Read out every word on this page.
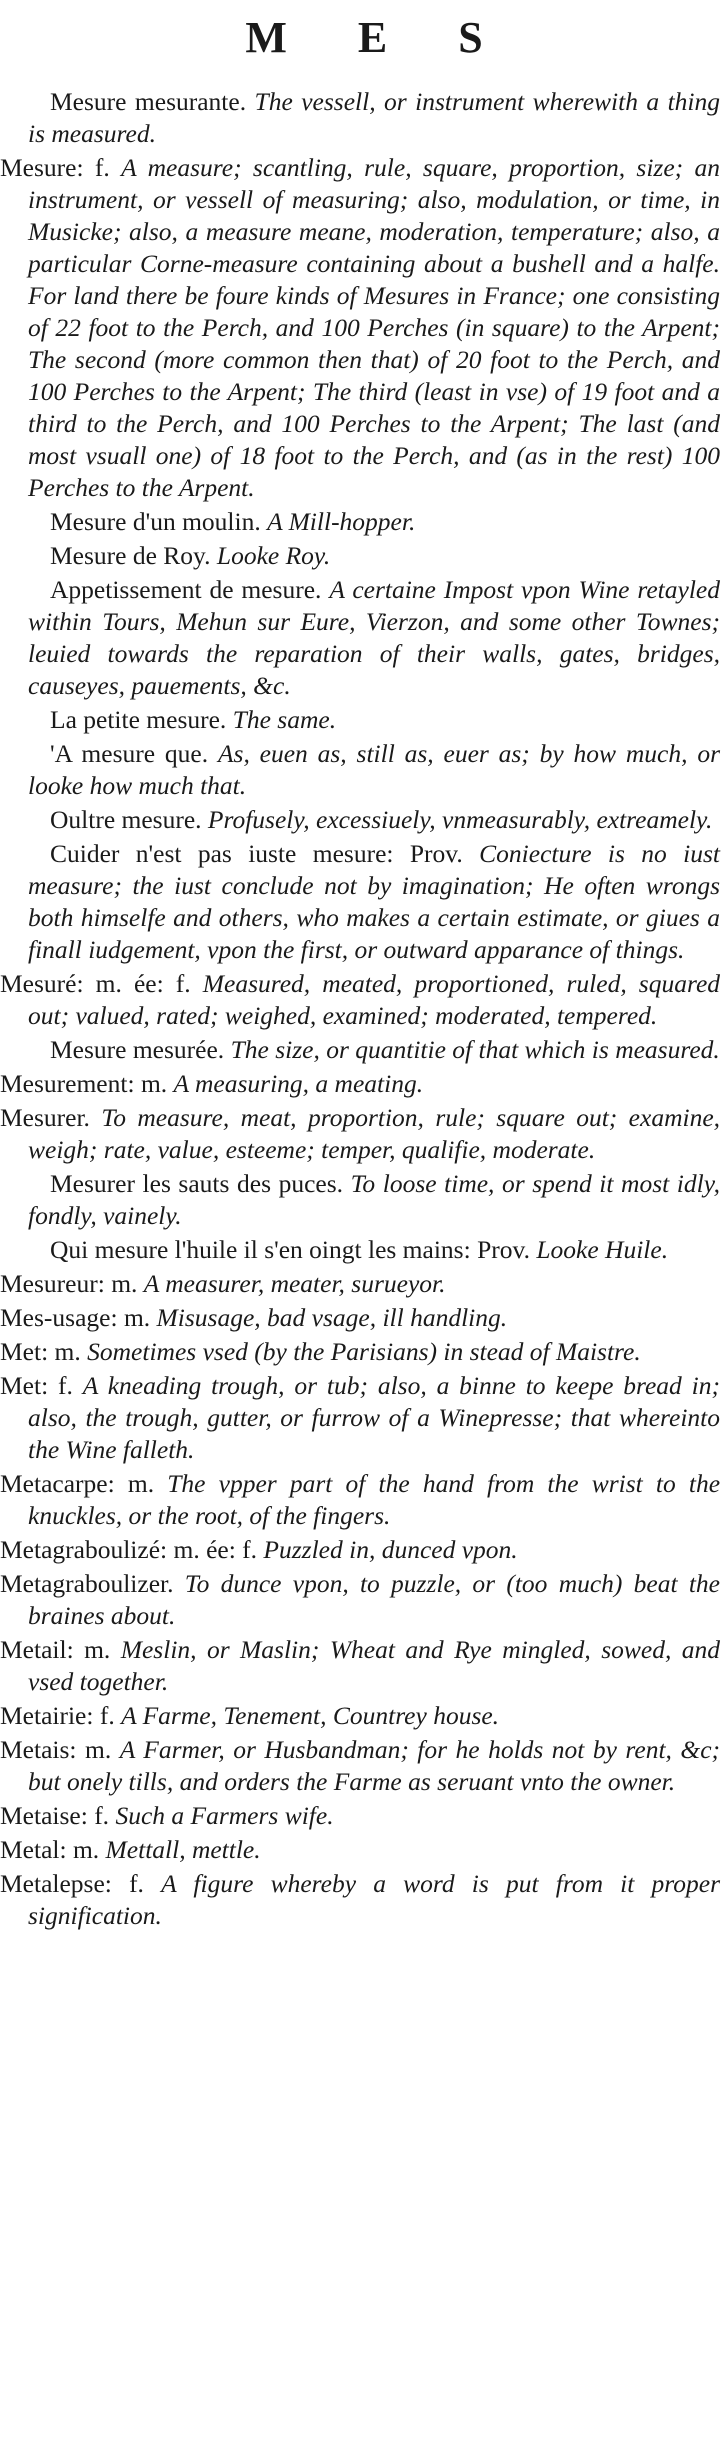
M E S

Mesure mesurante. The vessell, or instrument wherewith a thing is measured.

Mesure: f. A measure; scantling, rule, square, proportion, size; an instrument, or vessell of measuring; also, modulation, or time, in Musicke; also, a measure meane, moderation, temperature; also, a particular Corne-measure containing about a bushell and a halfe. For land there be foure kinds of Mesures in France; one consisting of 22 foot to the Perch, and 100 Perches (in square) to the Arpent; The second (more common then that) of 20 foot to the Perch, and 100 Perches to the Arpent; The third (least in vse) of 19 foot and a third to the Perch, and 100 Perches to the Arpent; The last (and most vsuall one) of 18 foot to the Perch, and (as in the rest) 100 Perches to the Arpent.

Mesure d'un moulin. A Mill-hopper.

Mesure de Roy. Looke Roy.

Appetissement de mesure. A certaine Impost vpon Wine retayled within Tours, Mehun sur Eure, Vierzon, and some other Townes; leuied towards the reparation of their walls, gates, bridges, causeyes, pauements, &c.

La petite mesure. The same.

'A mesure que. As, euen as, still as, euer as; by how much, or looke how much that.

Oultre mesure. Profusely, excessiuely, vnmeasurably, extreamely.

Cuider n'est pas iuste mesure: Prov. Coniecture is no iust measure; the iust conclude not by imagination; He often wrongs both himselfe and others, who makes a certain estimate, or giues a finall iudgement, vpon the first, or outward apparance of things.

Mesuré: m. ée: f. Measured, meated, proportioned, ruled, squared out; valued, rated; weighed, examined; moderated, tempered.

Mesure mesurée. The size, or quantitie of that which is measured.

Mesurement: m. A measuring, a meating.

Mesurer. To measure, meat, proportion, rule; square out; examine, weigh; rate, value, esteeme; temper, qualifie, moderate.

Mesurer les sauts des puces. To loose time, or spend it most idly, fondly, vainely.

Qui mesure l'huile il s'en oingt les mains: Prov. Looke Huile.

Mesureur: m. A measurer, meater, surueyor.

Mes-usage: m. Misusage, bad vsage, ill handling.

Met: m. Sometimes vsed (by the Parisians) in stead of Maistre.

Met: f. A kneading trough, or tub; also, a binne to keepe bread in; also, the trough, gutter, or furrow of a Winepresse; that whereinto the Wine falleth.

Metacarpe: m. The vpper part of the hand from the wrist to the knuckles, or the root, of the fingers.

Metagraboulizé: m. ée: f. Puzzled in, dunced vpon.

Metagraboulizer. To dunce vpon, to puzzle, or (too much) beat the braines about.

Metail: m. Meslin, or Maslin; Wheat and Rye mingled, sowed, and vsed together.

Metairie: f. A Farme, Tenement, Countrey house.

Metais: m. A Farmer, or Husbandman; for he holds not by rent, &c; but onely tills, and orders the Farme as seruant vnto the owner.

Metaise: f. Such a Farmers wife.

Metal: m. Mettall, mettle.

Metalepse: f. A figure whereby a word is put from it proper signification.
